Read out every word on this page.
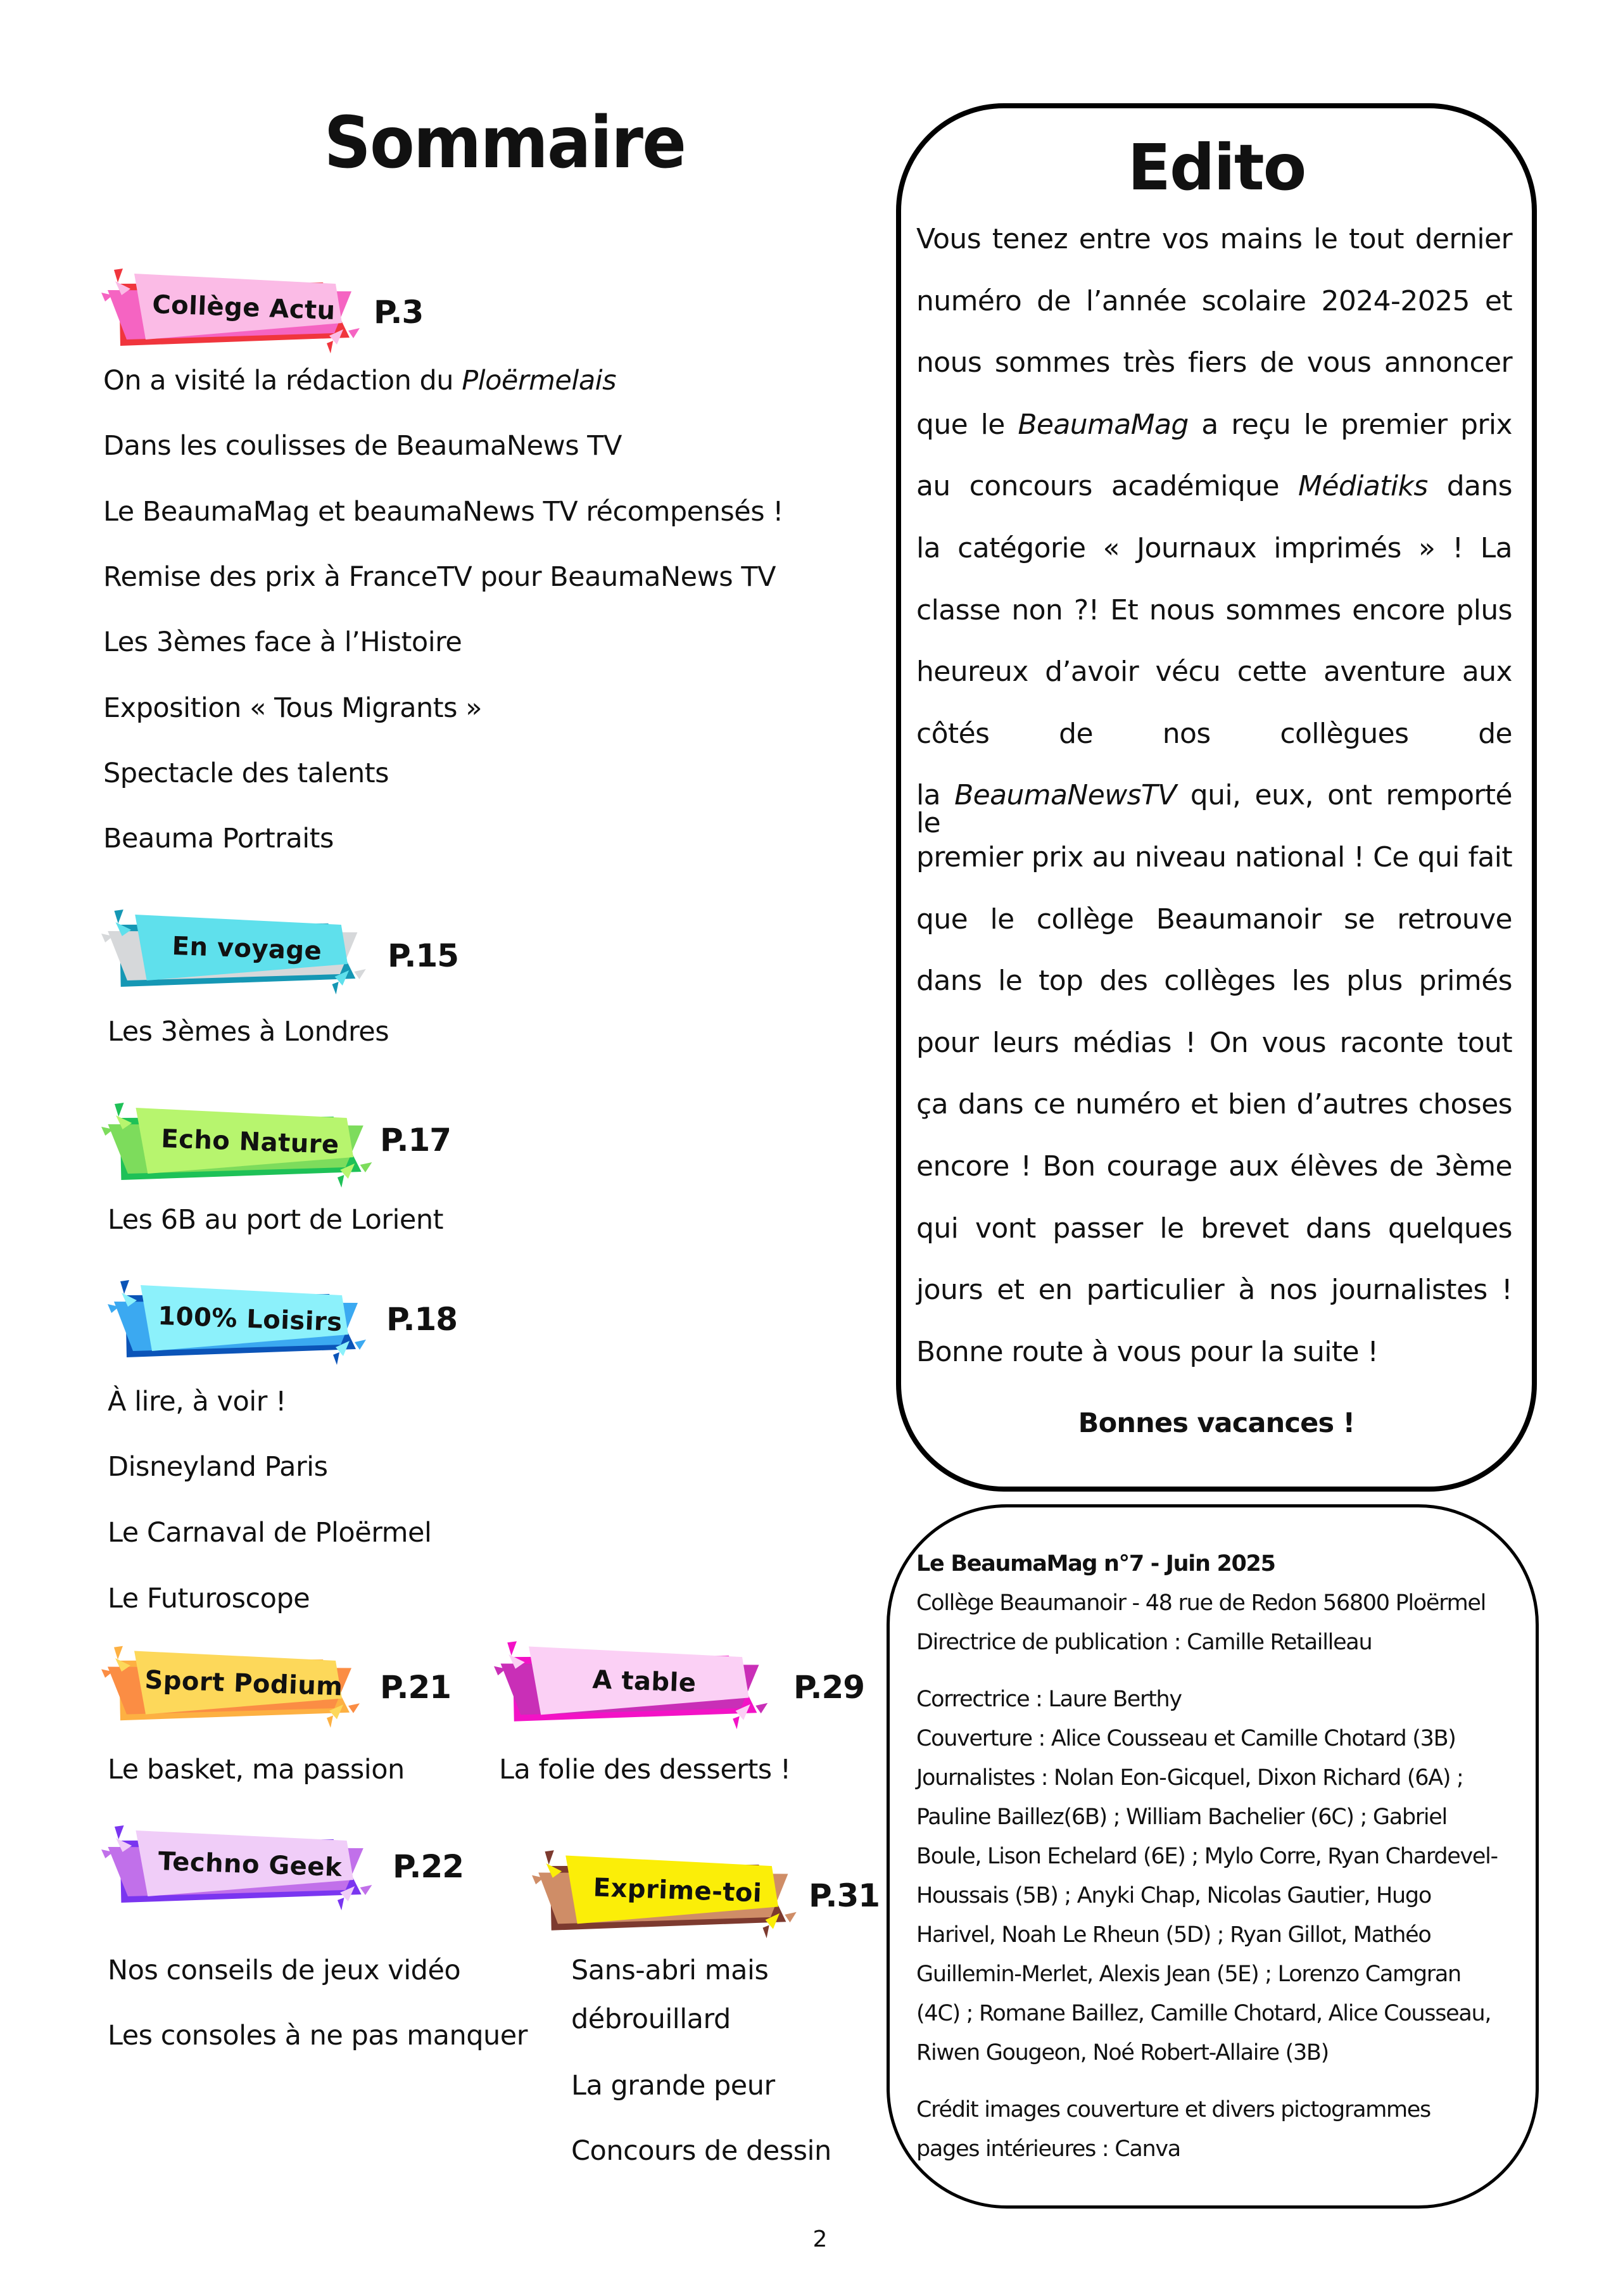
Sommaire
Collège Actu	P.3
On a visité la rédaction du Ploërmelais
Dans les coulisses de BeaumaNews TV
Le BeaumaMag et beaumaNews TV récompensés !
Remise des prix à FranceTV pour BeaumaNews TV
Les 3èmes face à l’Histoire
Exposition « Tous Migrants »
Spectacle des talents
Beauma Portraits
En voyage	P.15
Les 3èmes à Londres
Echo Nature	P.17
Les 6B au port de Lorient
100% Loisirs	P.18
À lire, à voir !
Disneyland Paris
Le Carnaval de Ploërmel
Le Futuroscope
Sport Podium P.21
Le basket, ma passion
A table	P.29
La folie des desserts !
Techno Geek	P.22
Nos conseils de jeux vidéo
Les consoles à ne pas manquer
Exprime-toi	P.31
Sans-abri mais
débrouillard
La grande peur
Concours de dessin
Edito
Vous tenez entre vos mains le tout dernier
numéro de l’année scolaire 2024-2025 et
nous sommes très fiers de vous annoncer
que le BeaumaMag a reçu le premier prix
au concours académique Médiatiks dans
la catégorie « Journaux imprimés » ! La
classe non ?! Et nous sommes encore plus
heureux d’avoir vécu cette aventure aux
côtés de nos collègues de
la BeaumaNewsTV qui, eux, ont remporté le
premier prix au niveau national ! Ce qui fait
que le collège Beaumanoir se retrouve
dans le top des collèges les plus primés
pour leurs médias ! On vous raconte tout
ça dans ce numéro et bien d’autres choses
encore ! Bon courage aux élèves de 3ème
qui vont passer le brevet dans quelques
jours et en particulier à nos journalistes !
Bonne route à vous pour la suite !
Bonnes vacances !
Le BeaumaMag n°7 - Juin 2025
Collège Beaumanoir - 48 rue de Redon 56800 Ploërmel
Directrice de publication : Camille Retailleau
Correctrice : Laure Berthy
Couverture : Alice Cousseau et Camille Chotard (3B)
Journalistes : Nolan Eon-Gicquel, Dixon Richard (6A) ;
Pauline Baillez(6B) ; William Bachelier (6C) ; Gabriel
Boule, Lison Echelard (6E) ; Mylo Corre, Ryan Chardevel-
Houssais (5B) ; Anyki Chap, Nicolas Gautier, Hugo
Harivel, Noah Le Rheun (5D) ; Ryan Gillot, Mathéo
Guillemin-Merlet, Alexis Jean (5E) ; Lorenzo Camgran
(4C) ; Romane Baillez, Camille Chotard, Alice Cousseau,
Riwen Gougeon, Noé Robert-Allaire (3B)
Crédit images couverture et divers pictogrammes
pages intérieures : Canva
2
